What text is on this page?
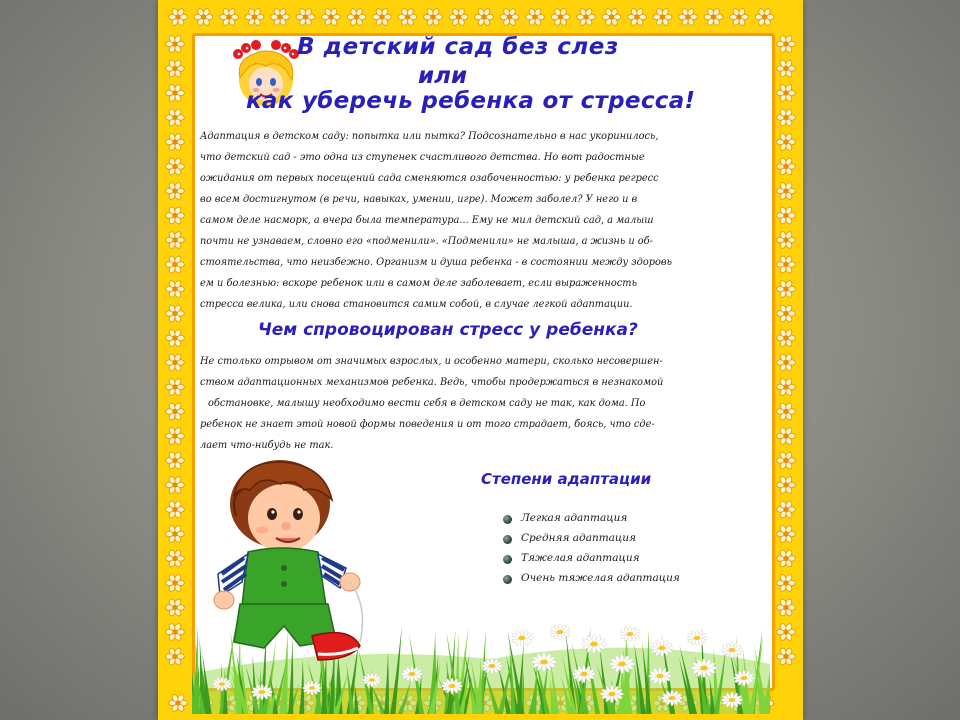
В детский сад без слез
или
как уберечь ребенка от стресса!
Адаптация в детском саду: попытка или пытка? Подсознательно в нас укоринилось,
что детский сад - это одна из ступенек счастливого детства. Но вот радостные
ожидания от первых посещений сада сменяются озабоченностью: у ребенка регресс
во всем достигнутом (в речи, навыках, умении, игре). Может заболел? У него и в
самом деле насморк, а вчера была температура... Ему не мил детский сад, а малыш
почти не узнаваем, словно его «подменили». «Подменили» не малыша, а жизнь и об-
стоятельства, что неизбежно. Организм и душа ребенка - в состоянии между здоровь
ем и болезнью: вскоре ребенок или в самом деле заболевает, если выраженность
стресса велика, или снова становится самим собой, в случае легкой адаптации.
Чем спровоцирован стресс у ребенка?
Не столько отрывом от значимых взрослых, и особенно матери, сколько несовершен-
ством адаптационных механизмов ребенка. Ведь, чтобы продержаться в незнакомой
обстановке, малышу необходимо вести себя в детском саду не так, как дома. По
ребенок не знает этой новой формы поведения и от того страдает, боясь, что сде-
лает что-нибудь не так.
Степени адаптации
Легкая адаптация
Средняя адаптация
Тяжелая адаптация
Очень тяжелая адаптация
